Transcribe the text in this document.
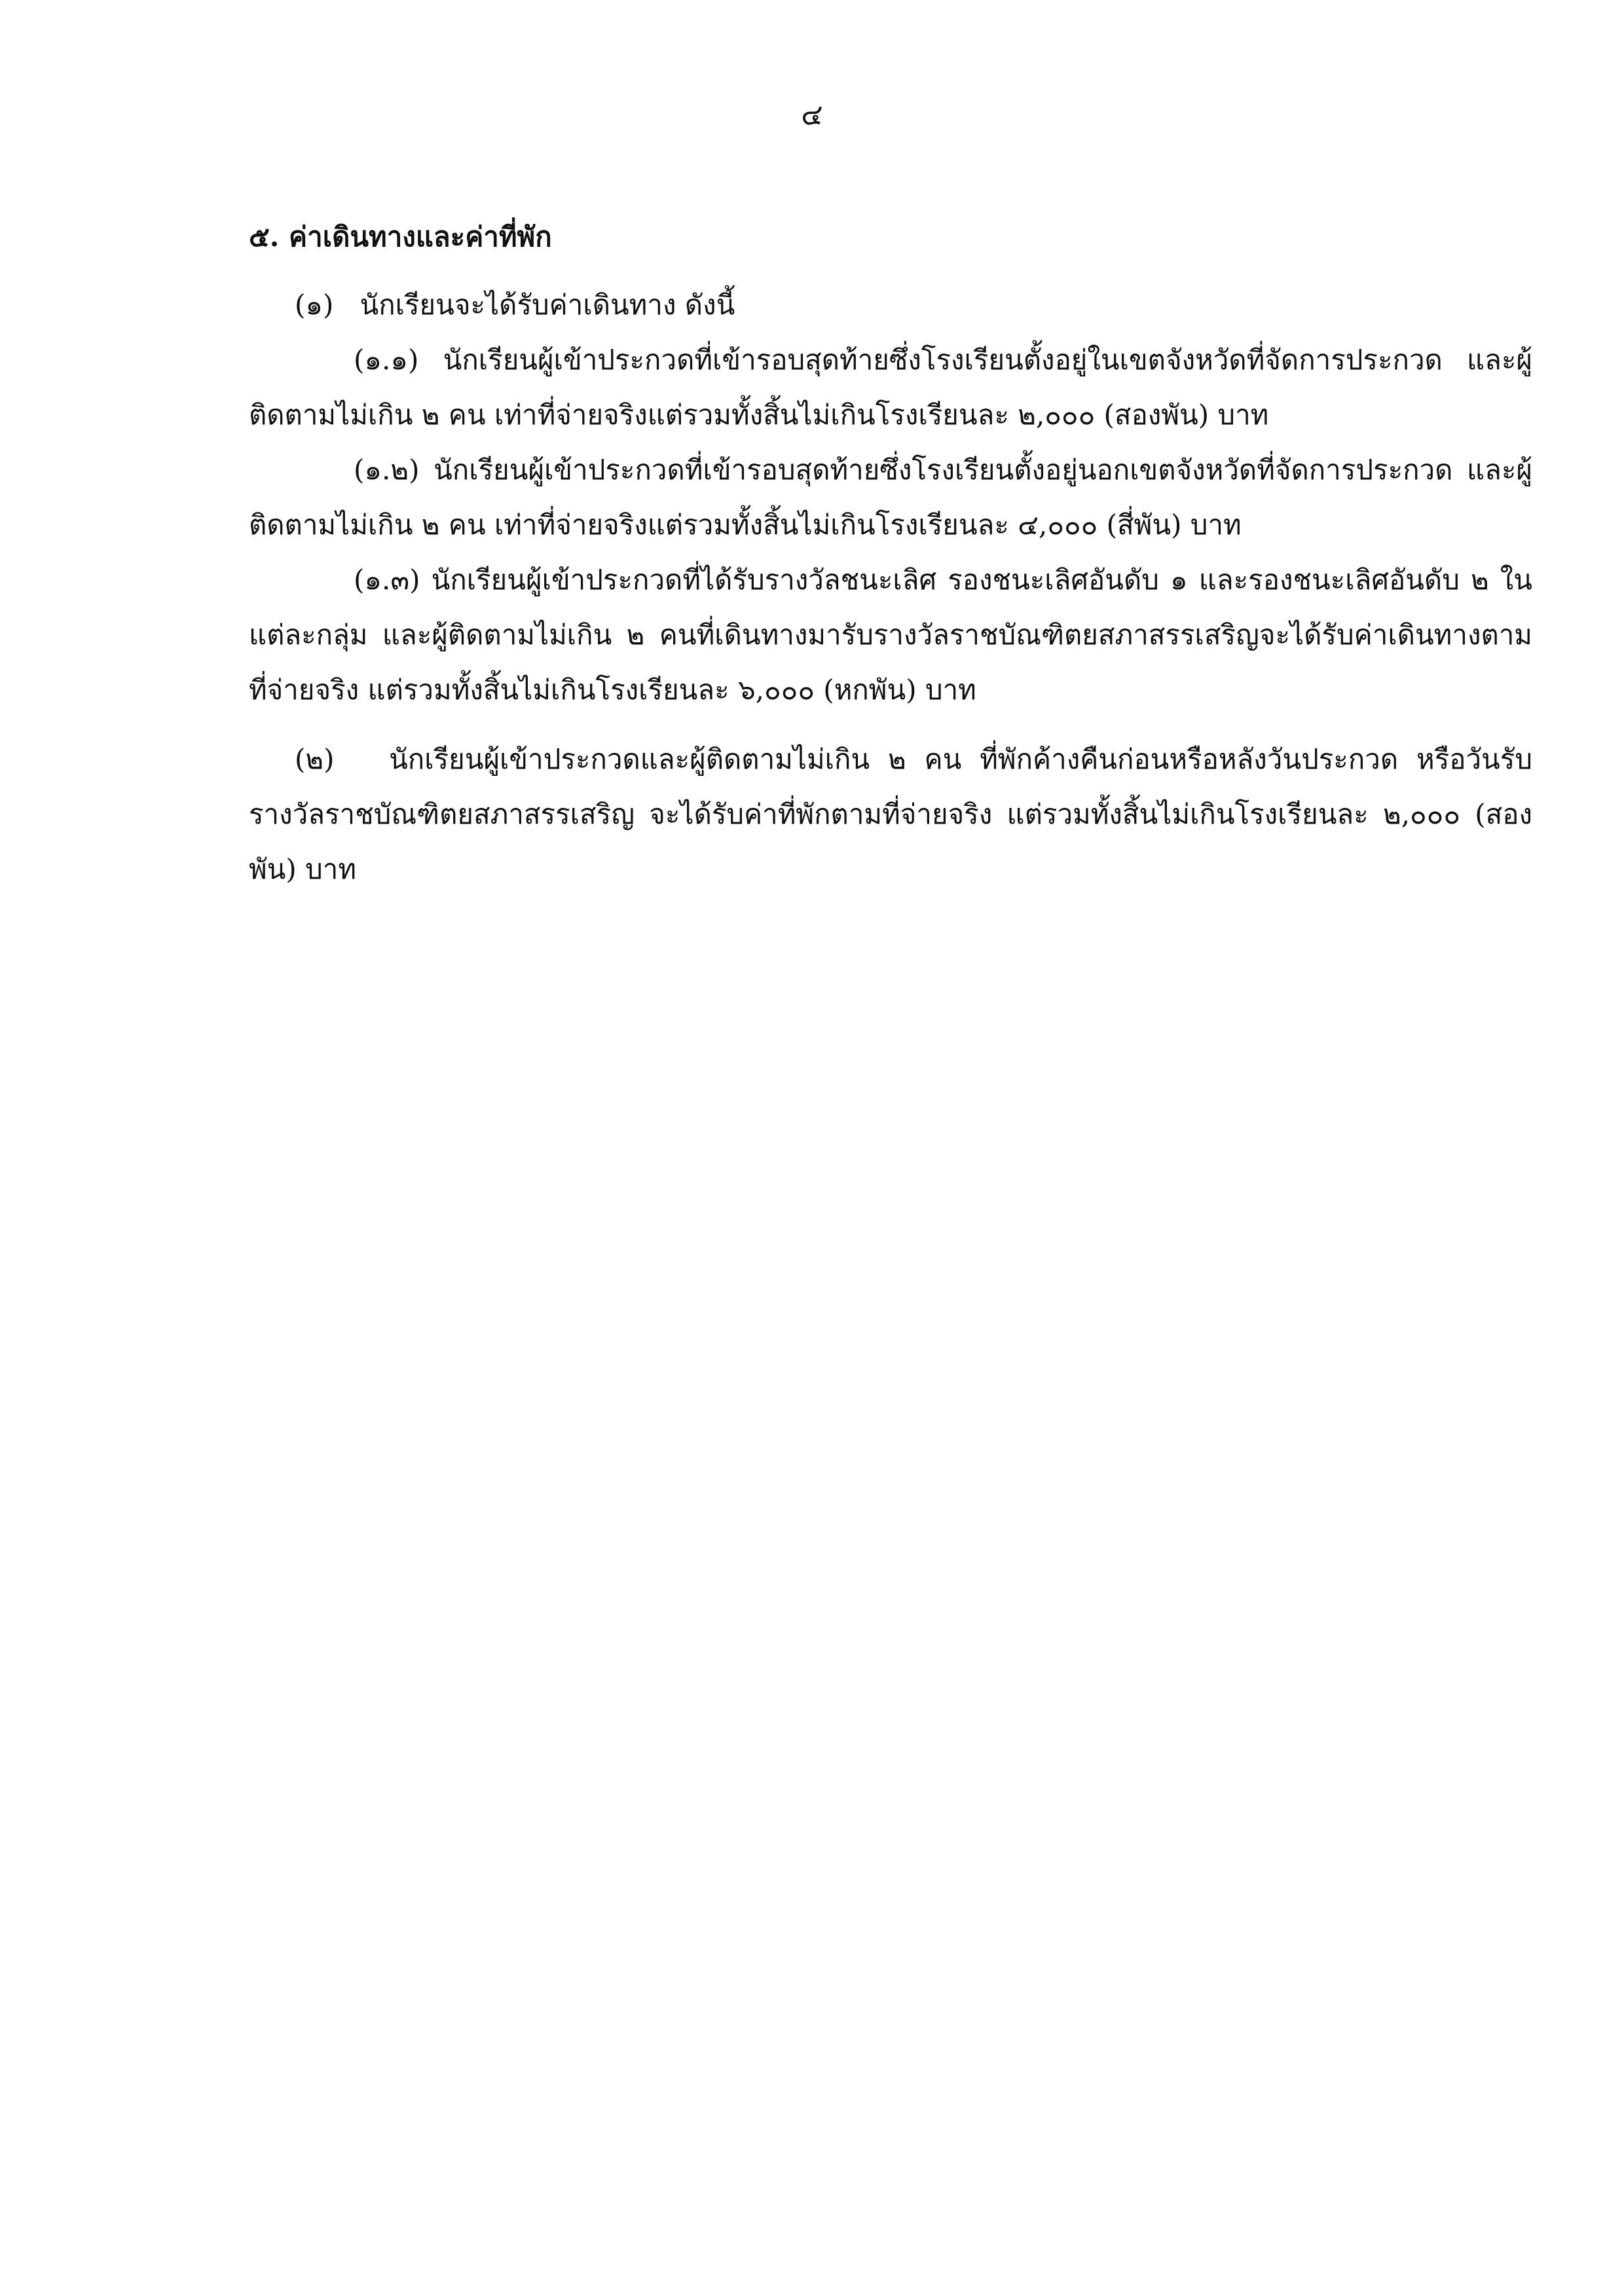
๔

๕. ค่าเดินทางและค่าที่พัก

(๑) นักเรียนจะได้รับค่าเดินทาง ดังนี้

(๑.๑) นักเรียนผู้เข้าประกวดที่เข้ารอบสุดท้ายซึ่งโรงเรียนตั้งอยู่ในเขตจังหวัดที่จัดการประกวด และผู้ติดตามไม่เกิน ๒ คน เท่าที่จ่ายจริงแต่รวมทั้งสิ้นไม่เกินโรงเรียนละ ๒,๐๐๐ (สองพัน) บาท

(๑.๒) นักเรียนผู้เข้าประกวดที่เข้ารอบสุดท้ายซึ่งโรงเรียนตั้งอยู่นอกเขตจังหวัดที่จัดการประกวด และผู้ติดตามไม่เกิน ๒ คน เท่าที่จ่ายจริงแต่รวมทั้งสิ้นไม่เกินโรงเรียนละ ๔,๐๐๐ (สี่พัน) บาท

(๑.๓) นักเรียนผู้เข้าประกวดที่ได้รับรางวัลชนะเลิศ รองชนะเลิศอันดับ ๑ และรองชนะเลิศอันดับ ๒ ในแต่ละกลุ่ม และผู้ติดตามไม่เกิน ๒ คนที่เดินทางมารับรางวัลราชบัณฑิตยสภาสรรเสริญจะได้รับค่าเดินทางตามที่จ่ายจริง แต่รวมทั้งสิ้นไม่เกินโรงเรียนละ ๖,๐๐๐ (หกพัน) บาท

(๒) นักเรียนผู้เข้าประกวดและผู้ติดตามไม่เกิน ๒ คน ที่พักค้างคืนก่อนหรือหลังวันประกวด หรือวันรับรางวัลราชบัณฑิตยสภาสรรเสริญ จะได้รับค่าที่พักตามที่จ่ายจริง แต่รวมทั้งสิ้นไม่เกินโรงเรียนละ ๒,๐๐๐ (สองพัน) บาท
